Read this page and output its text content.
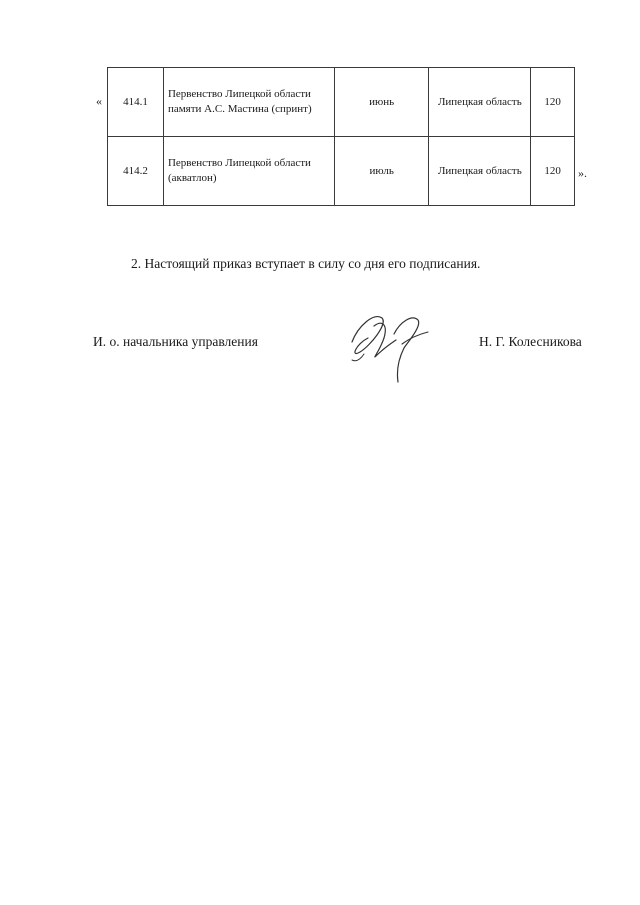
« 414.1	Первенство Липецкой области памяти А.С. Мастина (спринт)	июнь	Липецкая область	120
414.2	Первенство Липецкой области (акватлон)	июль	Липецкая область	120 ».
2. Настоящий приказ вступает в силу со дня его подписания.
И. о. начальника управления	Н. Г. Колесникова
